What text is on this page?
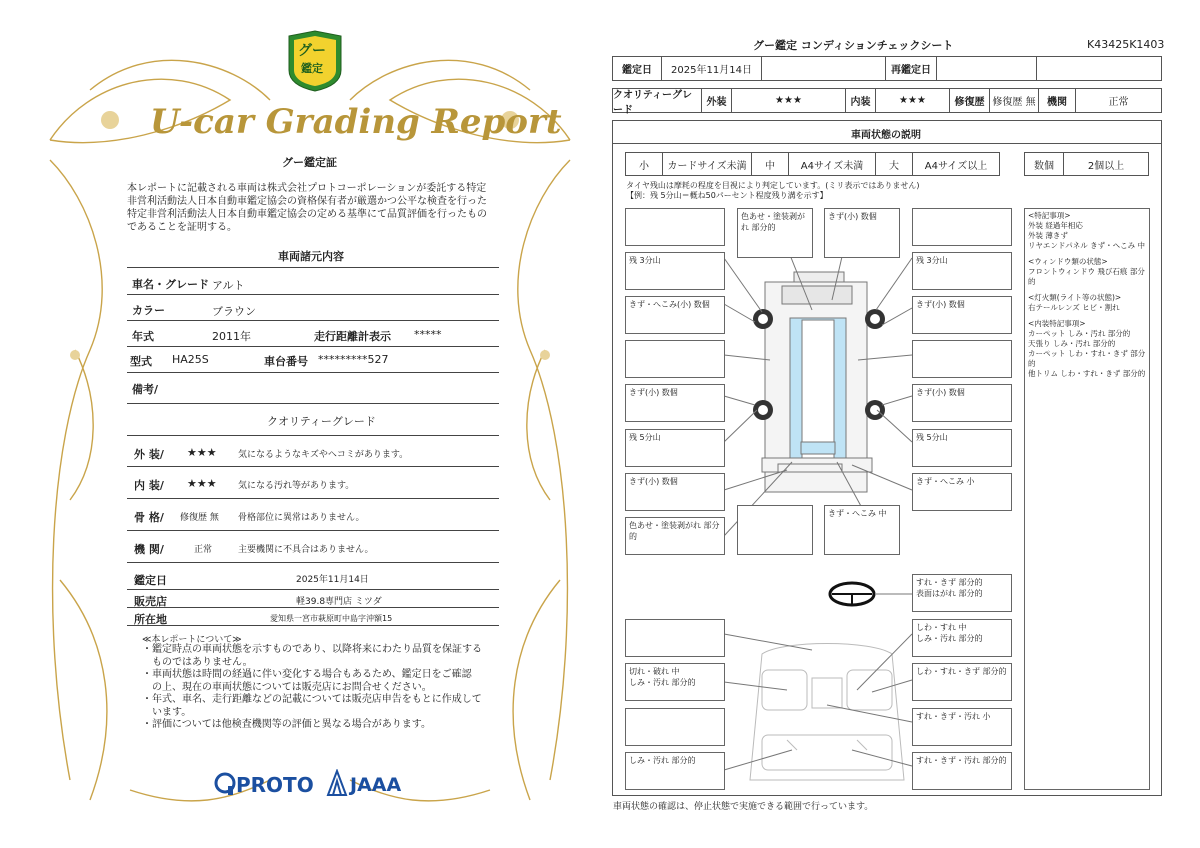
グー
鑑定
U-car Grading Report
グー鑑定証
本レポートに記載される車両は株式会社プロトコーポレーションが委託する特定非営利活動法人日本自動車鑑定協会の資格保有者が厳選かつ公平な検査を行った特定非営利活動法人日本自動車鑑定協会の定める基準にて品質評価を行ったものであることを証明する。
車両諸元内容
車名・グレード アルト
カラー	ブラウン
年式	2011年	走行距離計表示 *****
型式 HA25S	車台番号 *********527
備考/
クオリティーグレード
外 装/ ★★★ 気になるようなキズやヘコミがあります。
内 装/ ★★★ 気になる汚れ等があります。
骨 格/ 修復歴 無 骨格部位に異常はありません。
機 関/	正常	主要機関に不具合はありません。
鑑定日	2025年11月14日
販売店	軽39.8専門店 ミツダ
所在地	愛知県一宮市萩原町中島字沖額15
≪本レポートについて≫
・鑑定時点の車両状態を示すものであり、以降将来にわたり品質を保証する
　ものではありません。
・車両状態は時間の経過に伴い変化する場合もあるため、鑑定日をご確認
　の上、現在の車両状態については販売店にお問合せください。
・年式、車名、走行距離などの記載については販売店申告をもとに作成して
　います。
・評価については他検査機関等の評価と異なる場合があります。
PROTO JAAA
グー鑑定 コンディションチェックシート	K43425K1403
鑑定日	2025年11月14日	再鑑定日
クオリティーグレード
外装	★★★	内装	★★★	修復歴 修復歴 無	機関	正常
車両状態の説明
小	カードサイズ未満	中	A4サイズ未満	大	A4サイズ以上	数個	2個以上
タイヤ残山は摩耗の程度を目視により判定しています。(ミリ表示ではありません)
【例：残 5分山＝概ね50パーセント程度残り溝を示す】
色あせ・塗装剥がれ 部分的
きず(小) 数個
残 3分山	残 3分山
きず・へこみ(小) 数個	きず(小) 数個
きず(小) 数個	きず(小) 数個
残 5分山	残 5分山
きず(小) 数個	きず・へこみ 小
色あせ・塗装剥がれ 部分的
きず・へこみ 中
すれ・きず 部分的
表面はがれ 部分的
しわ・すれ 中
しみ・汚れ 部分的
切れ・破れ 中
しみ・汚れ 部分的
しわ・すれ・きず 部分的
すれ・きず・汚れ 小
しみ・汚れ 部分的	すれ・きず・汚れ 部分的
<特記事項>
外装 経過年相応
外装 薄きず
リヤエンドパネル きず・へこみ 中
<ウィンドウ類の状態>
フロントウィンドウ 飛び石痕 部分的
<灯火類(ライト等の状態)>
右テールレンズ ヒビ・割れ
<内装特記事項>
カーペット しみ・汚れ 部分的
天張り しみ・汚れ 部分的
カーペット しわ・すれ・きず 部分的
他トリム しわ・すれ・きず 部分的
車両状態の確認は、停止状態で実施できる範囲で行っています。
